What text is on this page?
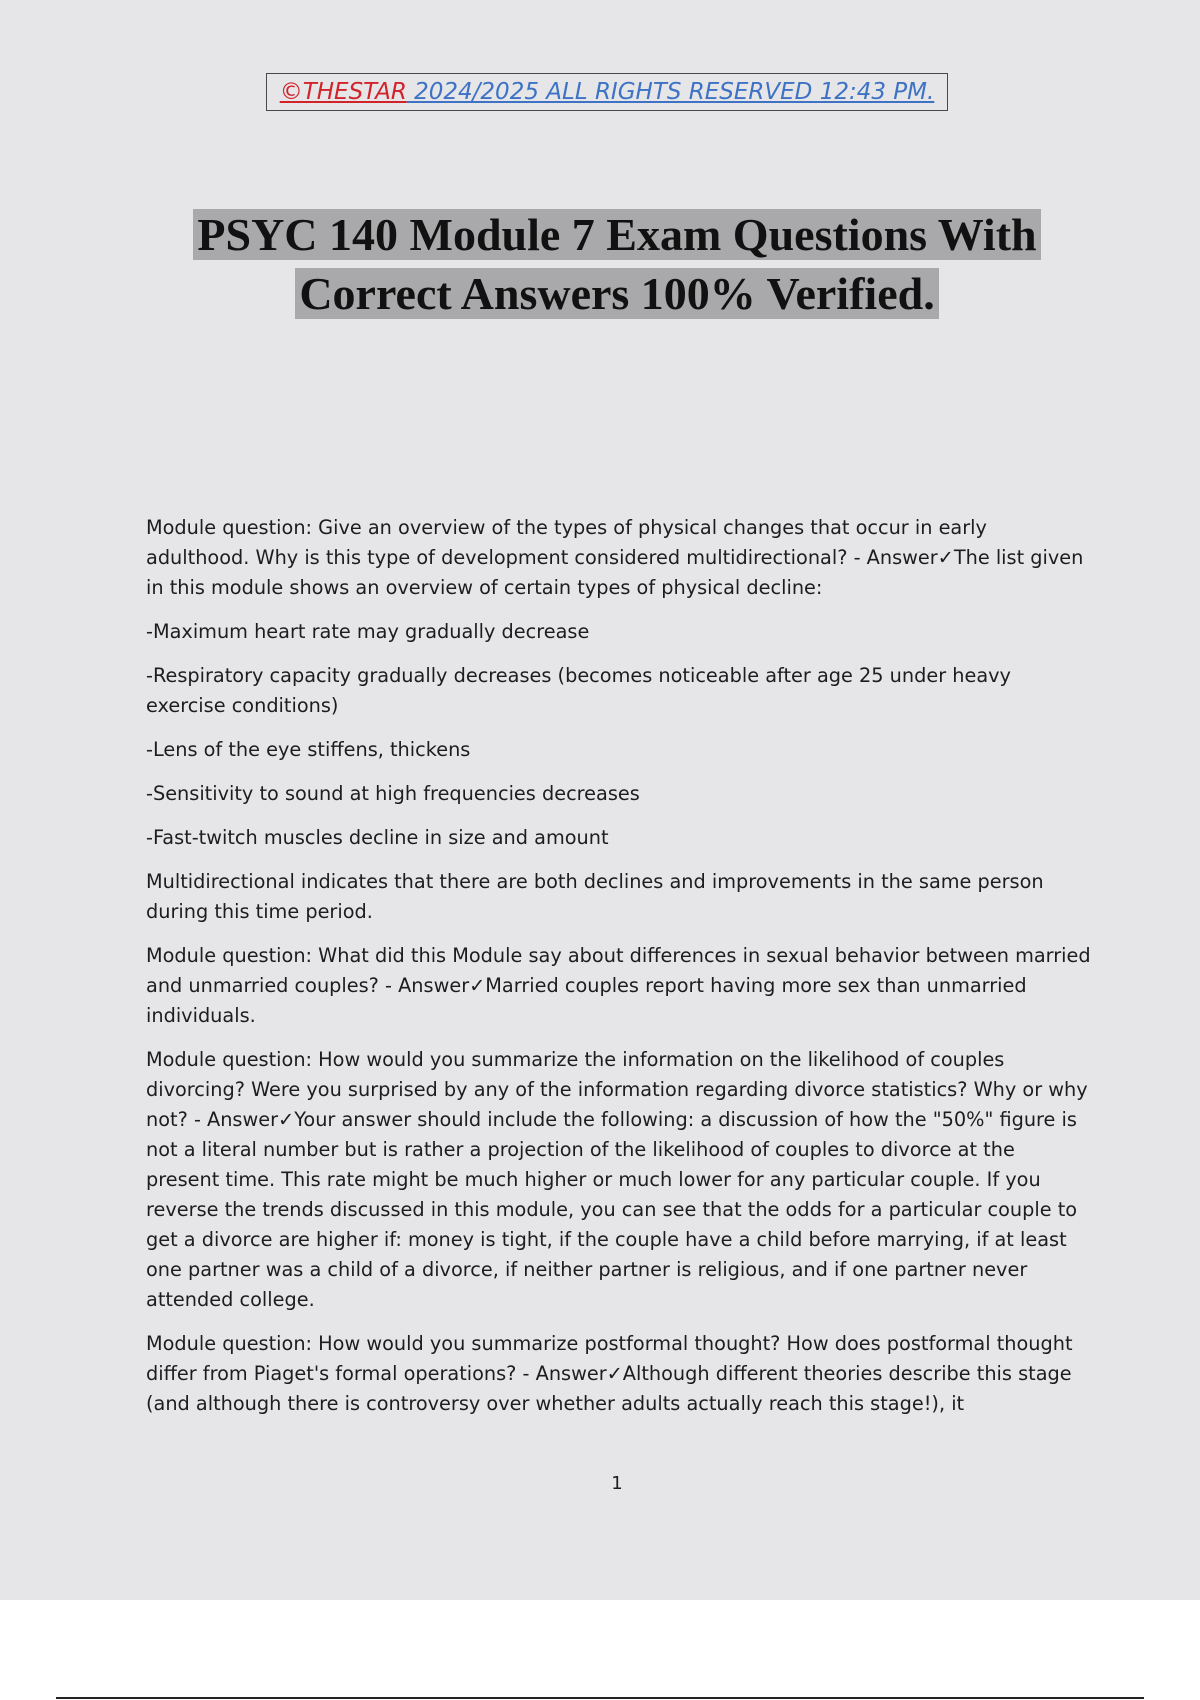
©THESTAR 2024/2025 ALL RIGHTS RESERVED 12:43 PM.
PSYC 140 Module 7 Exam Questions With
Correct Answers 100% Verified.

Module question: Give an overview of the types of physical changes that occur in early adulthood. Why is this type of development considered multidirectional? - Answer✓The list given in this module shows an overview of certain types of physical decline:

-Maximum heart rate may gradually decrease

-Respiratory capacity gradually decreases (becomes noticeable after age 25 under heavy exercise conditions)

-Lens of the eye stiffens, thickens

-Sensitivity to sound at high frequencies decreases

-Fast-twitch muscles decline in size and amount

Multidirectional indicates that there are both declines and improvements in the same person during this time period.

Module question: What did this Module say about differences in sexual behavior between married and unmarried couples? - Answer✓Married couples report having more sex than unmarried individuals.

Module question: How would you summarize the information on the likelihood of couples divorcing? Were you surprised by any of the information regarding divorce statistics? Why or why not? - Answer✓Your answer should include the following: a discussion of how the "50%" figure is not a literal number but is rather a projection of the likelihood of couples to divorce at the present time. This rate might be much higher or much lower for any particular couple. If you reverse the trends discussed in this module, you can see that the odds for a particular couple to get a divorce are higher if: money is tight, if the couple have a child before marrying, if at least one partner was a child of a divorce, if neither partner is religious, and if one partner never attended college.

Module question: How would you summarize postformal thought? How does postformal thought differ from Piaget's formal operations? - Answer✓Although different theories describe this stage (and although there is controversy over whether adults actually reach this stage!), it

1
